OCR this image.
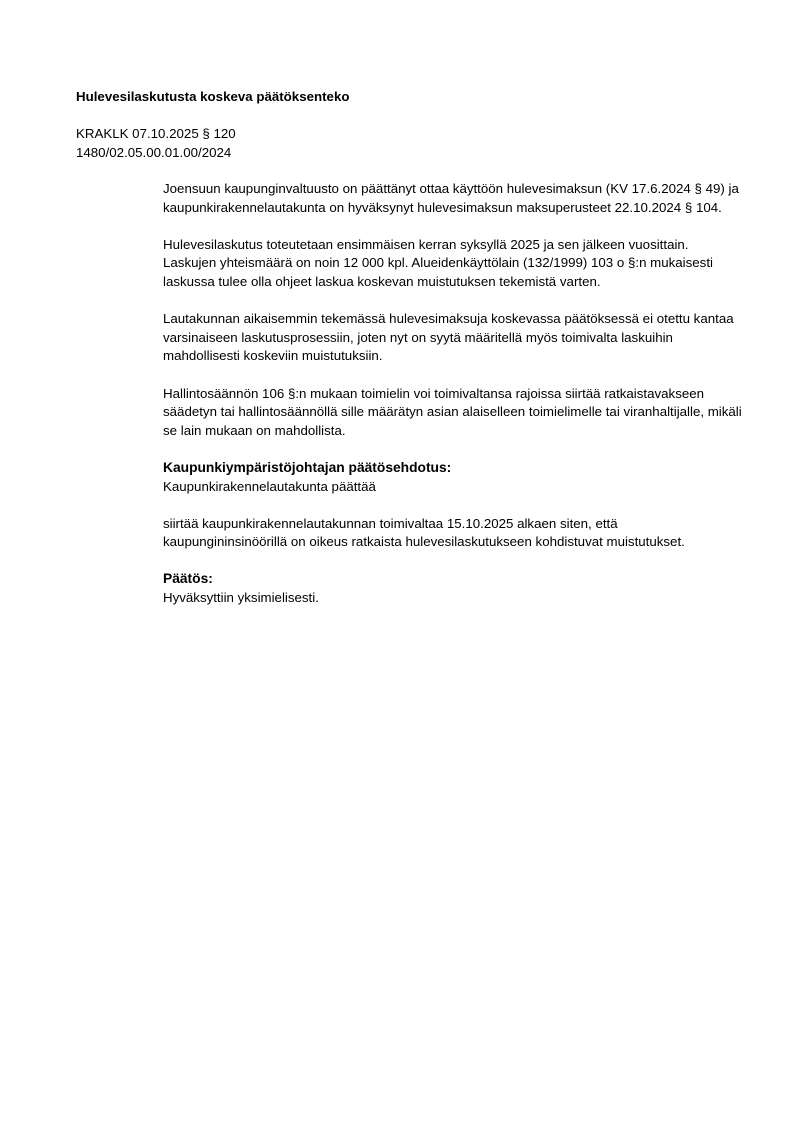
Hulevesilaskutusta koskeva päätöksenteko
KRAKLK 07.10.2025 § 120
1480/02.05.00.01.00/2024

Joensuun kaupunginvaltuusto on päättänyt ottaa käyttöön hulevesimaksun (KV 17.6.2024 § 49) ja kaupunkirakennelautakunta on hyväksynyt hulevesimaksun maksuperusteet 22.10.2024 § 104.

Hulevesilaskutus toteutetaan ensimmäisen kerran syksyllä 2025 ja sen jälkeen vuosittain. Laskujen yhteismäärä on noin 12 000 kpl. Alueidenkäyttölain (132/1999) 103 o §:n mukaisesti laskussa tulee olla ohjeet laskua koskevan muistutuksen tekemistä varten.

Lautakunnan aikaisemmin tekemässä hulevesimaksuja koskevassa päätöksessä ei otettu kantaa varsinaiseen laskutusprosessiin, joten nyt on syytä määritellä myös toimivalta laskuihin mahdollisesti koskeviin muistutuksiin.

Hallintosäännön 106 §:n mukaan toimielin voi toimivaltansa rajoissa siirtää ratkaistavakseen säädetyn tai hallintosäännöllä sille määrätyn asian alaiselleen toimielimelle tai viranhaltijalle, mikäli se lain mukaan on mahdollista.

Kaupunkiympäristöjohtajan päätösehdotus:
Kaupunkirakennelautakunta päättää

siirtää kaupunkirakennelautakunnan toimivaltaa 15.10.2025 alkaen siten, että kaupungininsinöörillä on oikeus ratkaista hulevesilaskutukseen kohdistuvat muistutukset.

Päätös:
Hyväksyttiin yksimielisesti.
